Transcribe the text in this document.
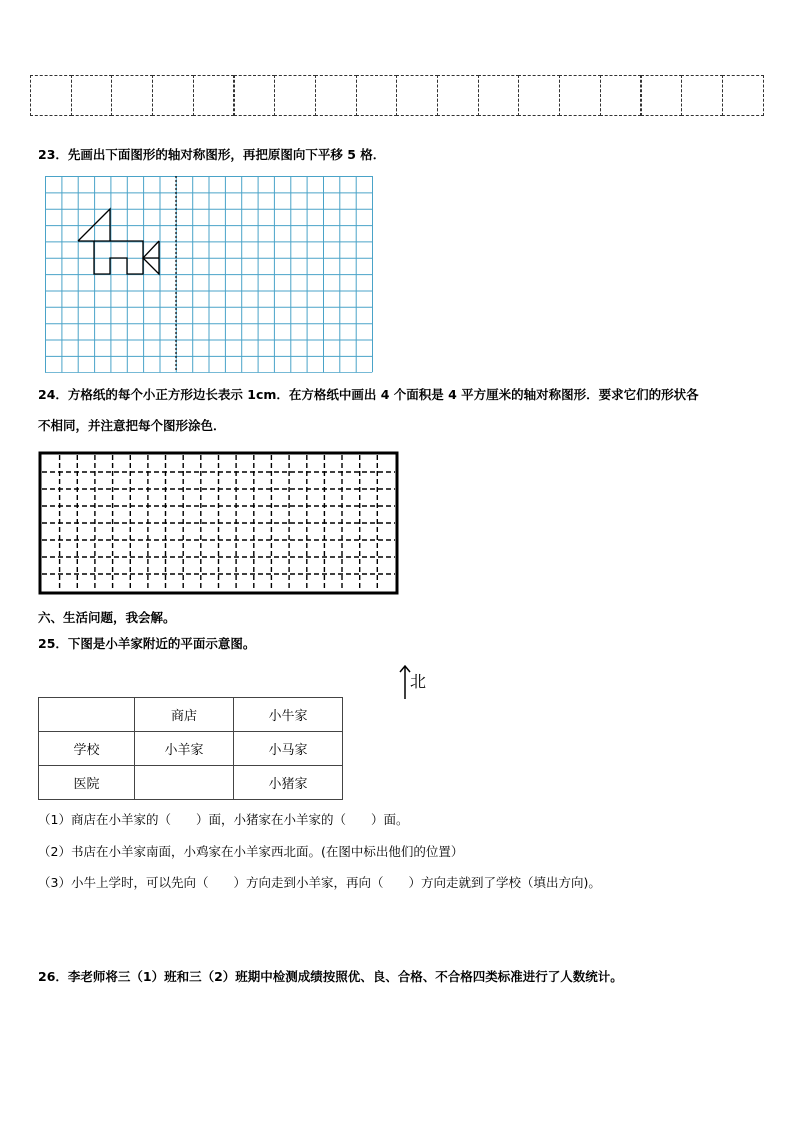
23．先画出下面图形的轴对称图形，再把原图向下平移 5 格．
24．方格纸的每个小正方形边长表示 1cm．在方格纸中画出 4 个面积是 4 平方厘米的轴对称图形．要求它们的形状各
不相同，并注意把每个图形涂色．
六、生活问题，我会解。
25．下图是小羊家附近的平面示意图。
北
	商店	小牛家
学校	小羊家	小马家
医院		小猪家
（1）商店在小羊家的（　　）面，小猪家在小羊家的（　　）面。
（2）书店在小羊家南面，小鸡家在小羊家西北面。(在图中标出他们的位置）
（3）小牛上学时，可以先向（　　）方向走到小羊家，再向（　　）方向走就到了学校（填出方向)。
26．李老师将三（1）班和三（2）班期中检测成绩按照优、良、合格、不合格四类标准进行了人数统计。
